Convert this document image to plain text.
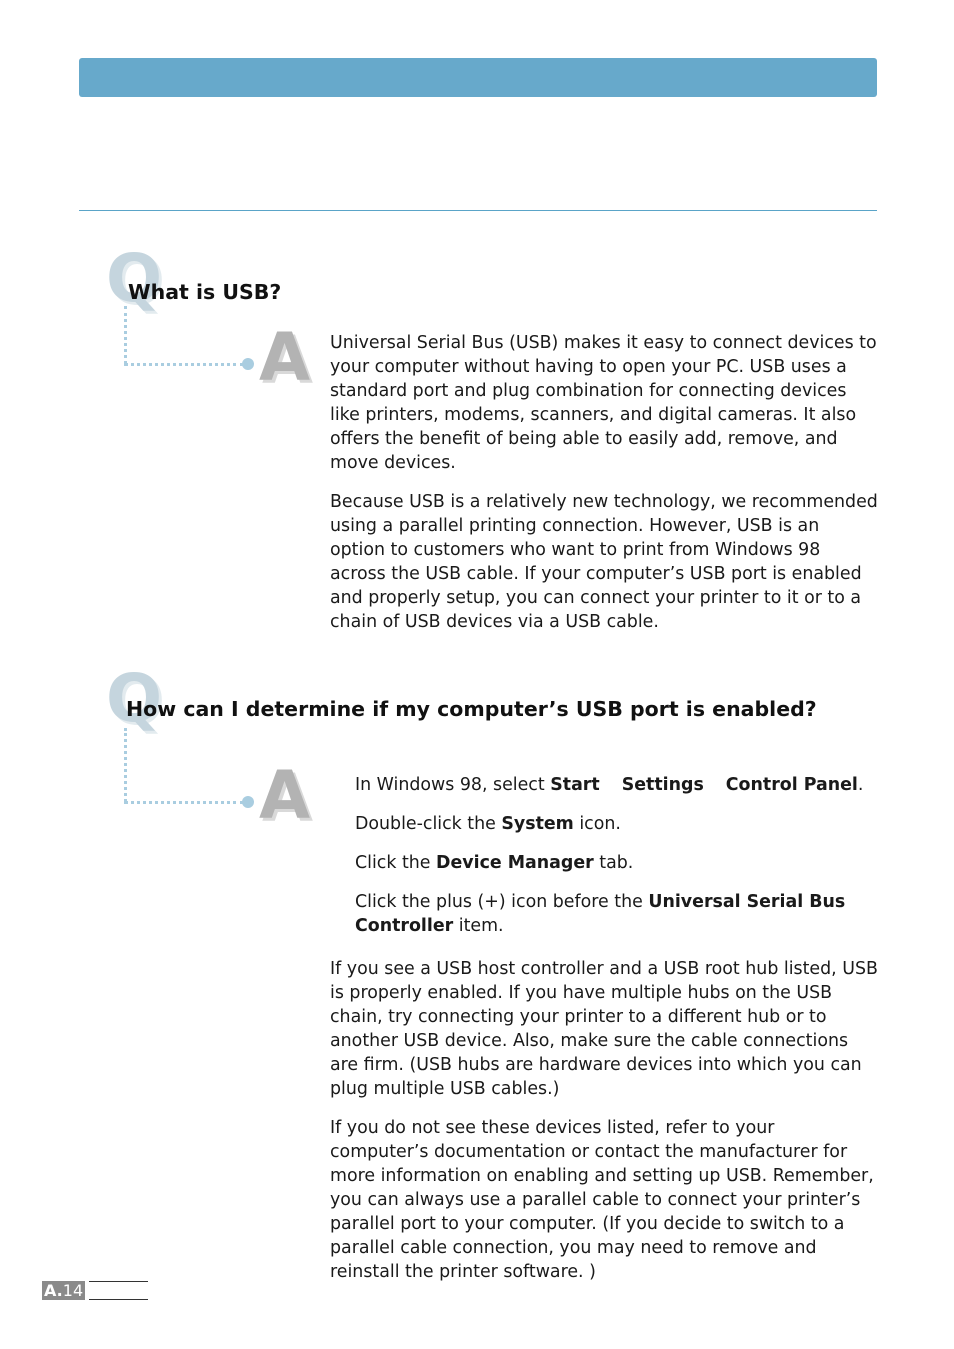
Q
A
What is USB?

Universal Serial Bus (USB) makes it easy to connect devices to your computer without having to open your PC. USB uses a standard port and plug combination for connecting devices like printers, modems, scanners, and digital cameras. It also offers the benefit of being able to easily add, remove, and move devices.

Because USB is a relatively new technology, we recommended using a parallel printing connection. However, USB is an option to customers who want to print from Windows 98 across the USB cable. If your computer’s USB port is enabled and properly setup, you can connect your printer to it or to a chain of USB devices via a USB cable.

Q
A
How can I determine if my computer’s USB port is enabled?
In Windows 98, select Start Settings Control Panel.
Double-click the System icon.
Click the Device Manager tab.
Click the plus (+) icon before the Universal Serial Bus Controller item.

If you see a USB host controller and a USB root hub listed, USB is properly enabled. If you have multiple hubs on the USB chain, try connecting your printer to a different hub or to another USB device. Also, make sure the cable connections are firm. (USB hubs are hardware devices into which you can plug multiple USB cables.)

If you do not see these devices listed, refer to your computer’s documentation or contact the manufacturer for more information on enabling and setting up USB. Remember, you can always use a parallel cable to connect your printer’s parallel port to your computer. (If you decide to switch to a parallel cable connection, you may need to remove and reinstall the printer software. )

A.14
